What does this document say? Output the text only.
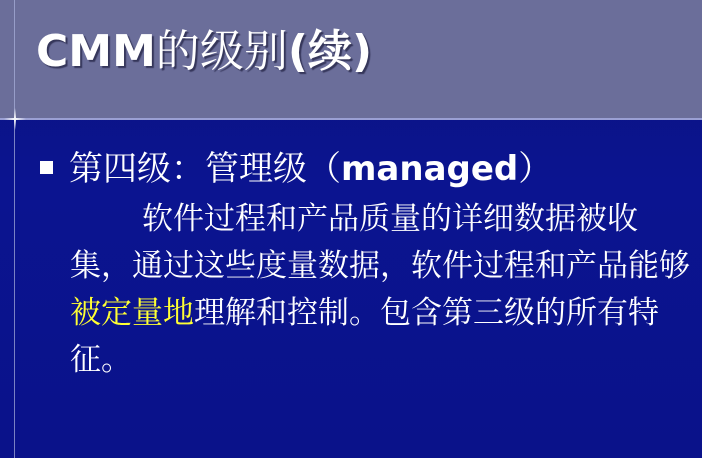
CMM的级别(续)
第四级：管理级（managed）
软件过程和产品质量的详细数据被收集，通过这些度量数据，软件过程和产品能够被定量地理解和控制。包含第三级的所有特征。
